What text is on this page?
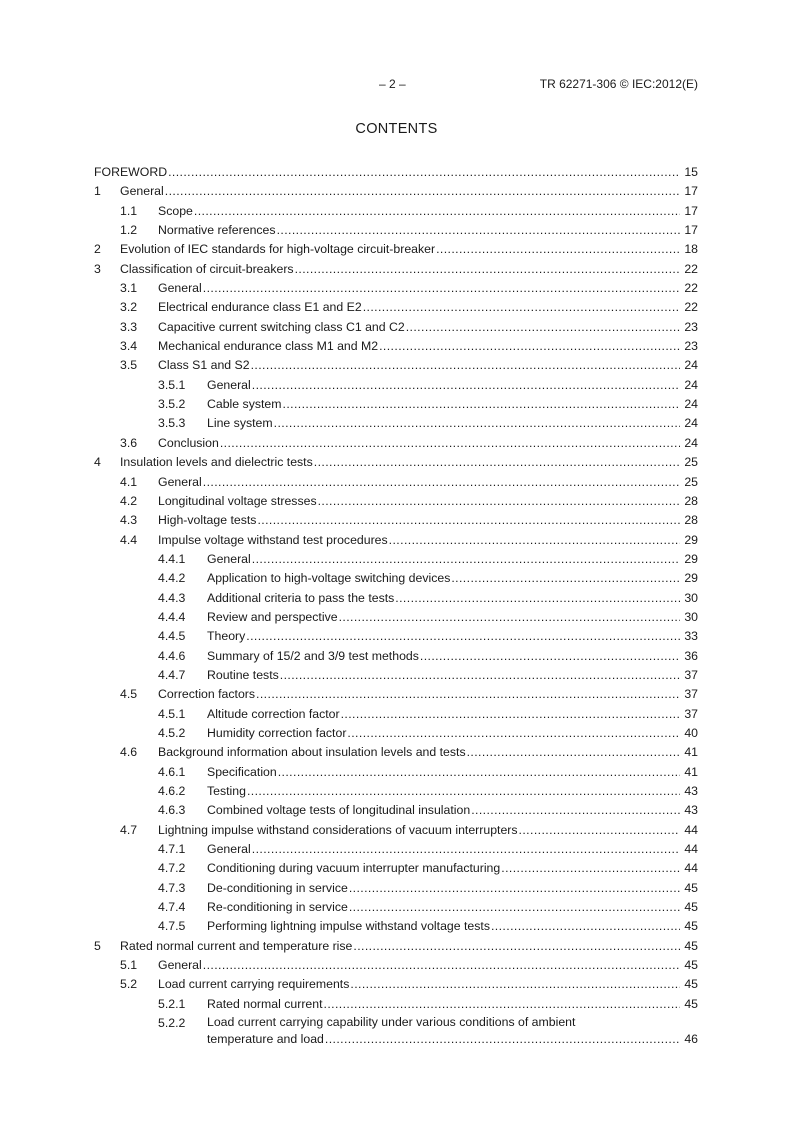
– 2 –	TR 62271-306 © IEC:2012(E)
CONTENTS
FOREWORD .....	15
1 General .....	17
1.1 Scope .....	17
1.2 Normative references .....	17
2 Evolution of IEC standards for high-voltage circuit-breaker .....	18
3 Classification of circuit-breakers .....	22
3.1 General .....	22
3.2 Electrical endurance class E1 and E2 .....	22
3.3 Capacitive current switching class C1 and C2 .....	23
3.4 Mechanical endurance class M1 and M2 .....	23
3.5 Class S1 and S2 .....	24
3.5.1 General .....	24
3.5.2 Cable system .....	24
3.5.3 Line system .....	24
3.6 Conclusion .....	24
4 Insulation levels and dielectric tests .....	25
4.1 General .....	25
4.2 Longitudinal voltage stresses .....	28
4.3 High-voltage tests .....	28
4.4 Impulse voltage withstand test procedures .....	29
4.4.1 General .....	29
4.4.2 Application to high-voltage switching devices .....	29
4.4.3 Additional criteria to pass the tests .....	30
4.4.4 Review and perspective .....	30
4.4.5 Theory .....	33
4.4.6 Summary of 15/2 and 3/9 test methods .....	36
4.4.7 Routine tests .....	37
4.5 Correction factors .....	37
4.5.1 Altitude correction factor .....	37
4.5.2 Humidity correction factor .....	40
4.6 Background information about insulation levels and tests .....	41
4.6.1 Specification .....	41
4.6.2 Testing .....	43
4.6.3 Combined voltage tests of longitudinal insulation .....	43
4.7 Lightning impulse withstand considerations of vacuum interrupters .....	44
4.7.1 General .....	44
4.7.2 Conditioning during vacuum interrupter manufacturing .....	44
4.7.3 De-conditioning in service .....	45
4.7.4 Re-conditioning in service .....	45
4.7.5 Performing lightning impulse withstand voltage tests .....	45
5 Rated normal current and temperature rise .....	45
5.1 General .....	45
5.2 Load current carrying requirements .....	45
5.2.1 Rated normal current .....	45
5.2.2 Load current carrying capability under various conditions of ambient
temperature and load .....	46
